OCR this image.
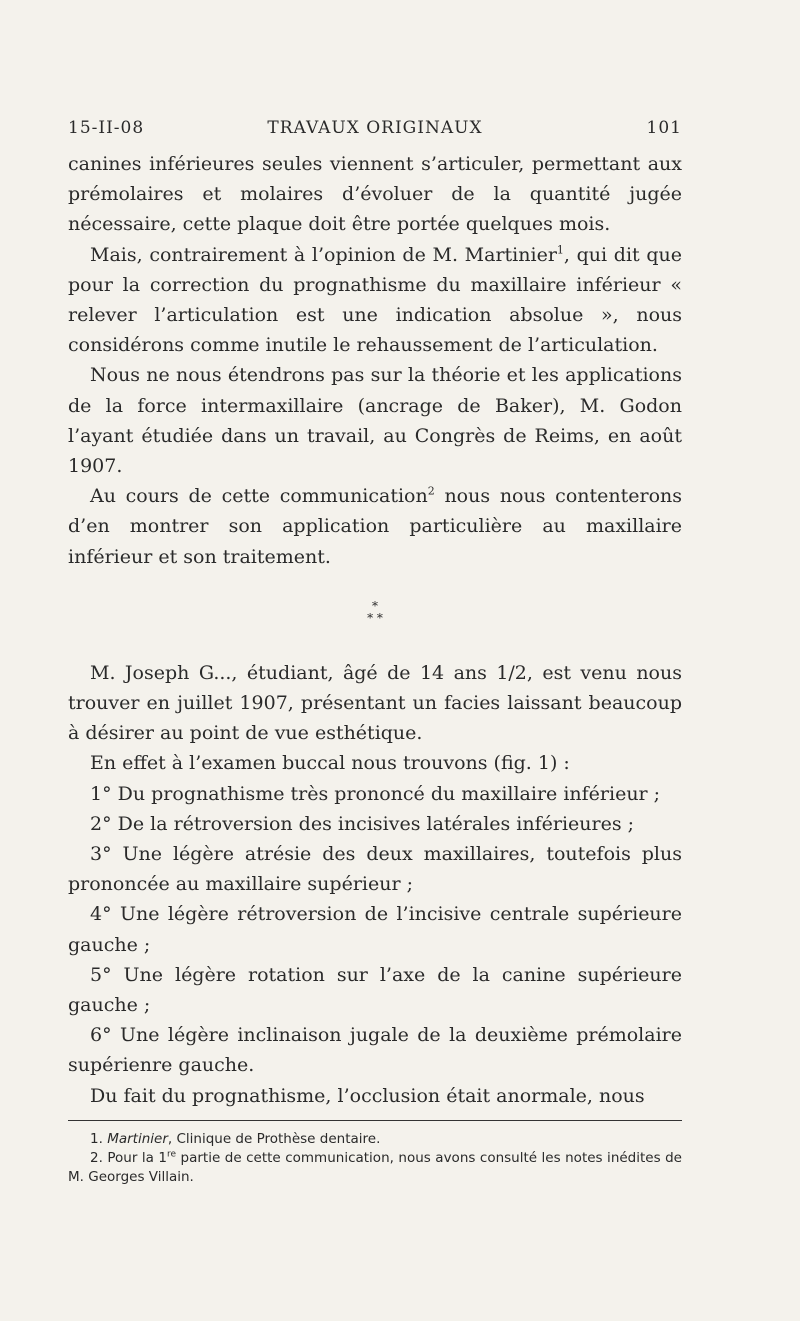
15-II-08	TRAVAUX ORIGINAUX	101

canines inférieures seules viennent s’articuler, permettant aux prémolaires et molaires d’évoluer de la quantité jugée nécessaire, cette plaque doit être portée quelques mois.

Mais, contrairement à l’opinion de M. Martinier$^1$, qui dit que pour la correction du prognathisme du maxillaire inférieur « relever l’articulation est une indication absolue », nous considérons comme inutile le rehaussement de l’articulation.

Nous ne nous étendrons pas sur la théorie et les applications de la force intermaxillaire (ancrage de Baker), M. Godon l’ayant étudiée dans un travail, au Congrès de Reims, en août 1907.

Au cours de cette communication$^2$ nous nous contenterons d’en montrer son application particulière au maxillaire inférieur et son traitement.

*
* *

M. Joseph G..., étudiant, âgé de 14 ans 1/2, est venu nous trouver en juillet 1907, présentant un facies laissant beaucoup à désirer au point de vue esthétique.

En effet à l’examen buccal nous trouvons (fig. 1) :

1° Du prognathisme très prononcé du maxillaire inférieur ;

2° De la rétroversion des incisives latérales inférieures ;

3° Une légère atrésie des deux maxillaires, toutefois plus prononcée au maxillaire supérieur ;

4° Une légère rétroversion de l’incisive centrale supérieure gauche ;

5° Une légère rotation sur l’axe de la canine supérieure gauche ;

6° Une légère inclinaison jugale de la deuxième prémolaire supérienre gauche.

Du fait du prognathisme, l’occlusion était anormale, nous

1. Martinier, Clinique de Prothèse dentaire.

2. Pour la 1re partie de cette communication, nous avons consulté les notes inédites de M. Georges Villain.
